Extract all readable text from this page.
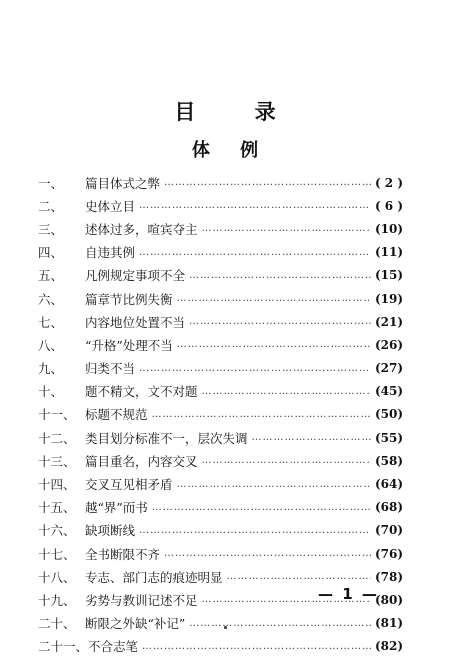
目 录
体 例
一、	篇目体式之弊 ………………………………………………………………………………………………	( 2 )
二、	史体立目 ………………………………………………………………………………………………	( 6 )
三、	述体过多，喧宾夺主 ………………………………………………………………………………………………	(10)
四、	自违其例 ………………………………………………………………………………………………	(11)
五、	凡例规定事项不全 ………………………………………………………………………………………………	(15)
六、	篇章节比例失衡 ………………………………………………………………………………………………	(19)
七、	内容地位处置不当 ………………………………………………………………………………………………	(21)
八、	“升格”处理不当 ………………………………………………………………………………………………	(26)
九、	归类不当 ………………………………………………………………………………………………	(27)
十、	题不精文，文不对题 ………………………………………………………………………………………………	(45)
十一、 标题不规范 ………………………………………………………………………………………………	(50)
十二、 类目划分标准不一，层次失调 ………………………………………………………………………………………………	(55)
十三、 篇目重名，内容交叉 ………………………………………………………………………………………………	(58)
十四、 交叉互见相矛盾 ………………………………………………………………………………………………	(64)
十五、 越“界”而书 ………………………………………………………………………………………………	(68)
十六、 缺项断线 ………………………………………………………………………………………………	(70)
十七、 全书断限不齐 ………………………………………………………………………………………………	(76)
十八、 专志、部门志的痕迹明显 ………………………………………………………………………………………………	(78)
十九、 劣势与教训记述不足 ………………………………………………………………………………………………	(80)
二十、 断限之外缺“补记” ………………………………………………………………………………………………	(81)
二十一、 不合志笔 ………………………………………………………………………………………………	(82)
— 1 —
